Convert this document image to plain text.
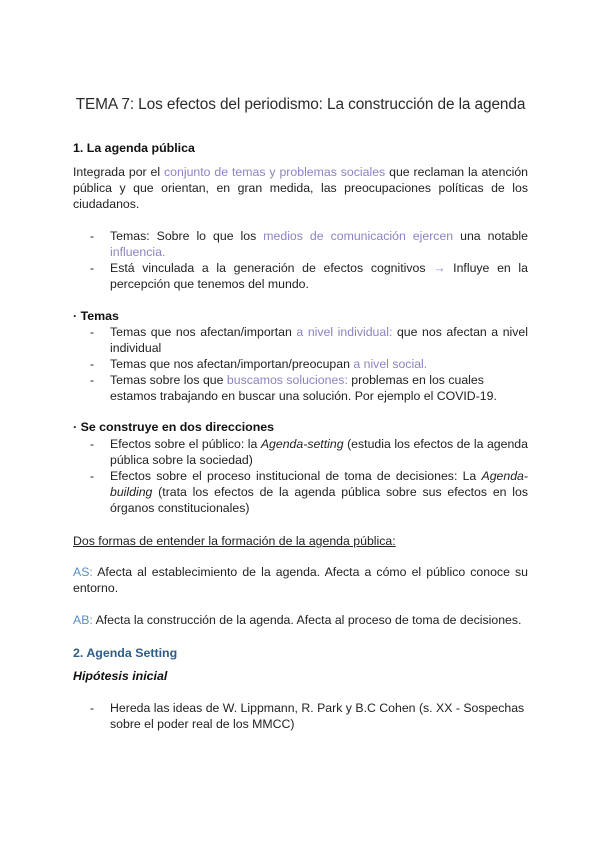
TEMA 7: Los efectos del periodismo: La construcción de la agenda
1. La agenda pública
Integrada por el conjunto de temas y problemas sociales que reclaman la atención pública y que orientan, en gran medida, las preocupaciones políticas de los ciudadanos.
- Temas: Sobre lo que los medios de comunicación ejercen una notable influencia.
- Está vinculada a la generación de efectos cognitivos → Influye en la percepción que tenemos del mundo.
· Temas
- Temas que nos afectan/importan a nivel individual: que nos afectan a nivel individual
- Temas que nos afectan/importan/preocupan a nivel social.
- Temas sobre los que buscamos soluciones: problemas en los cuales estamos trabajando en buscar una solución. Por ejemplo el COVID-19.
· Se construye en dos direcciones
- Efectos sobre el público: la Agenda-setting (estudia los efectos de la agenda pública sobre la sociedad)
- Efectos sobre el proceso institucional de toma de decisiones: La Agenda-building (trata los efectos de la agenda pública sobre sus efectos en los órganos constitucionales)
Dos formas de entender la formación de la agenda pública:
AS: Afecta al establecimiento de la agenda. Afecta a cómo el público conoce su entorno.
AB: Afecta la construcción de la agenda. Afecta al proceso de toma de decisiones.
2. Agenda Setting
Hipótesis inicial
- Hereda las ideas de W. Lippmann, R. Park y B.C Cohen (s. XX - Sospechas sobre el poder real de los MMCC)
